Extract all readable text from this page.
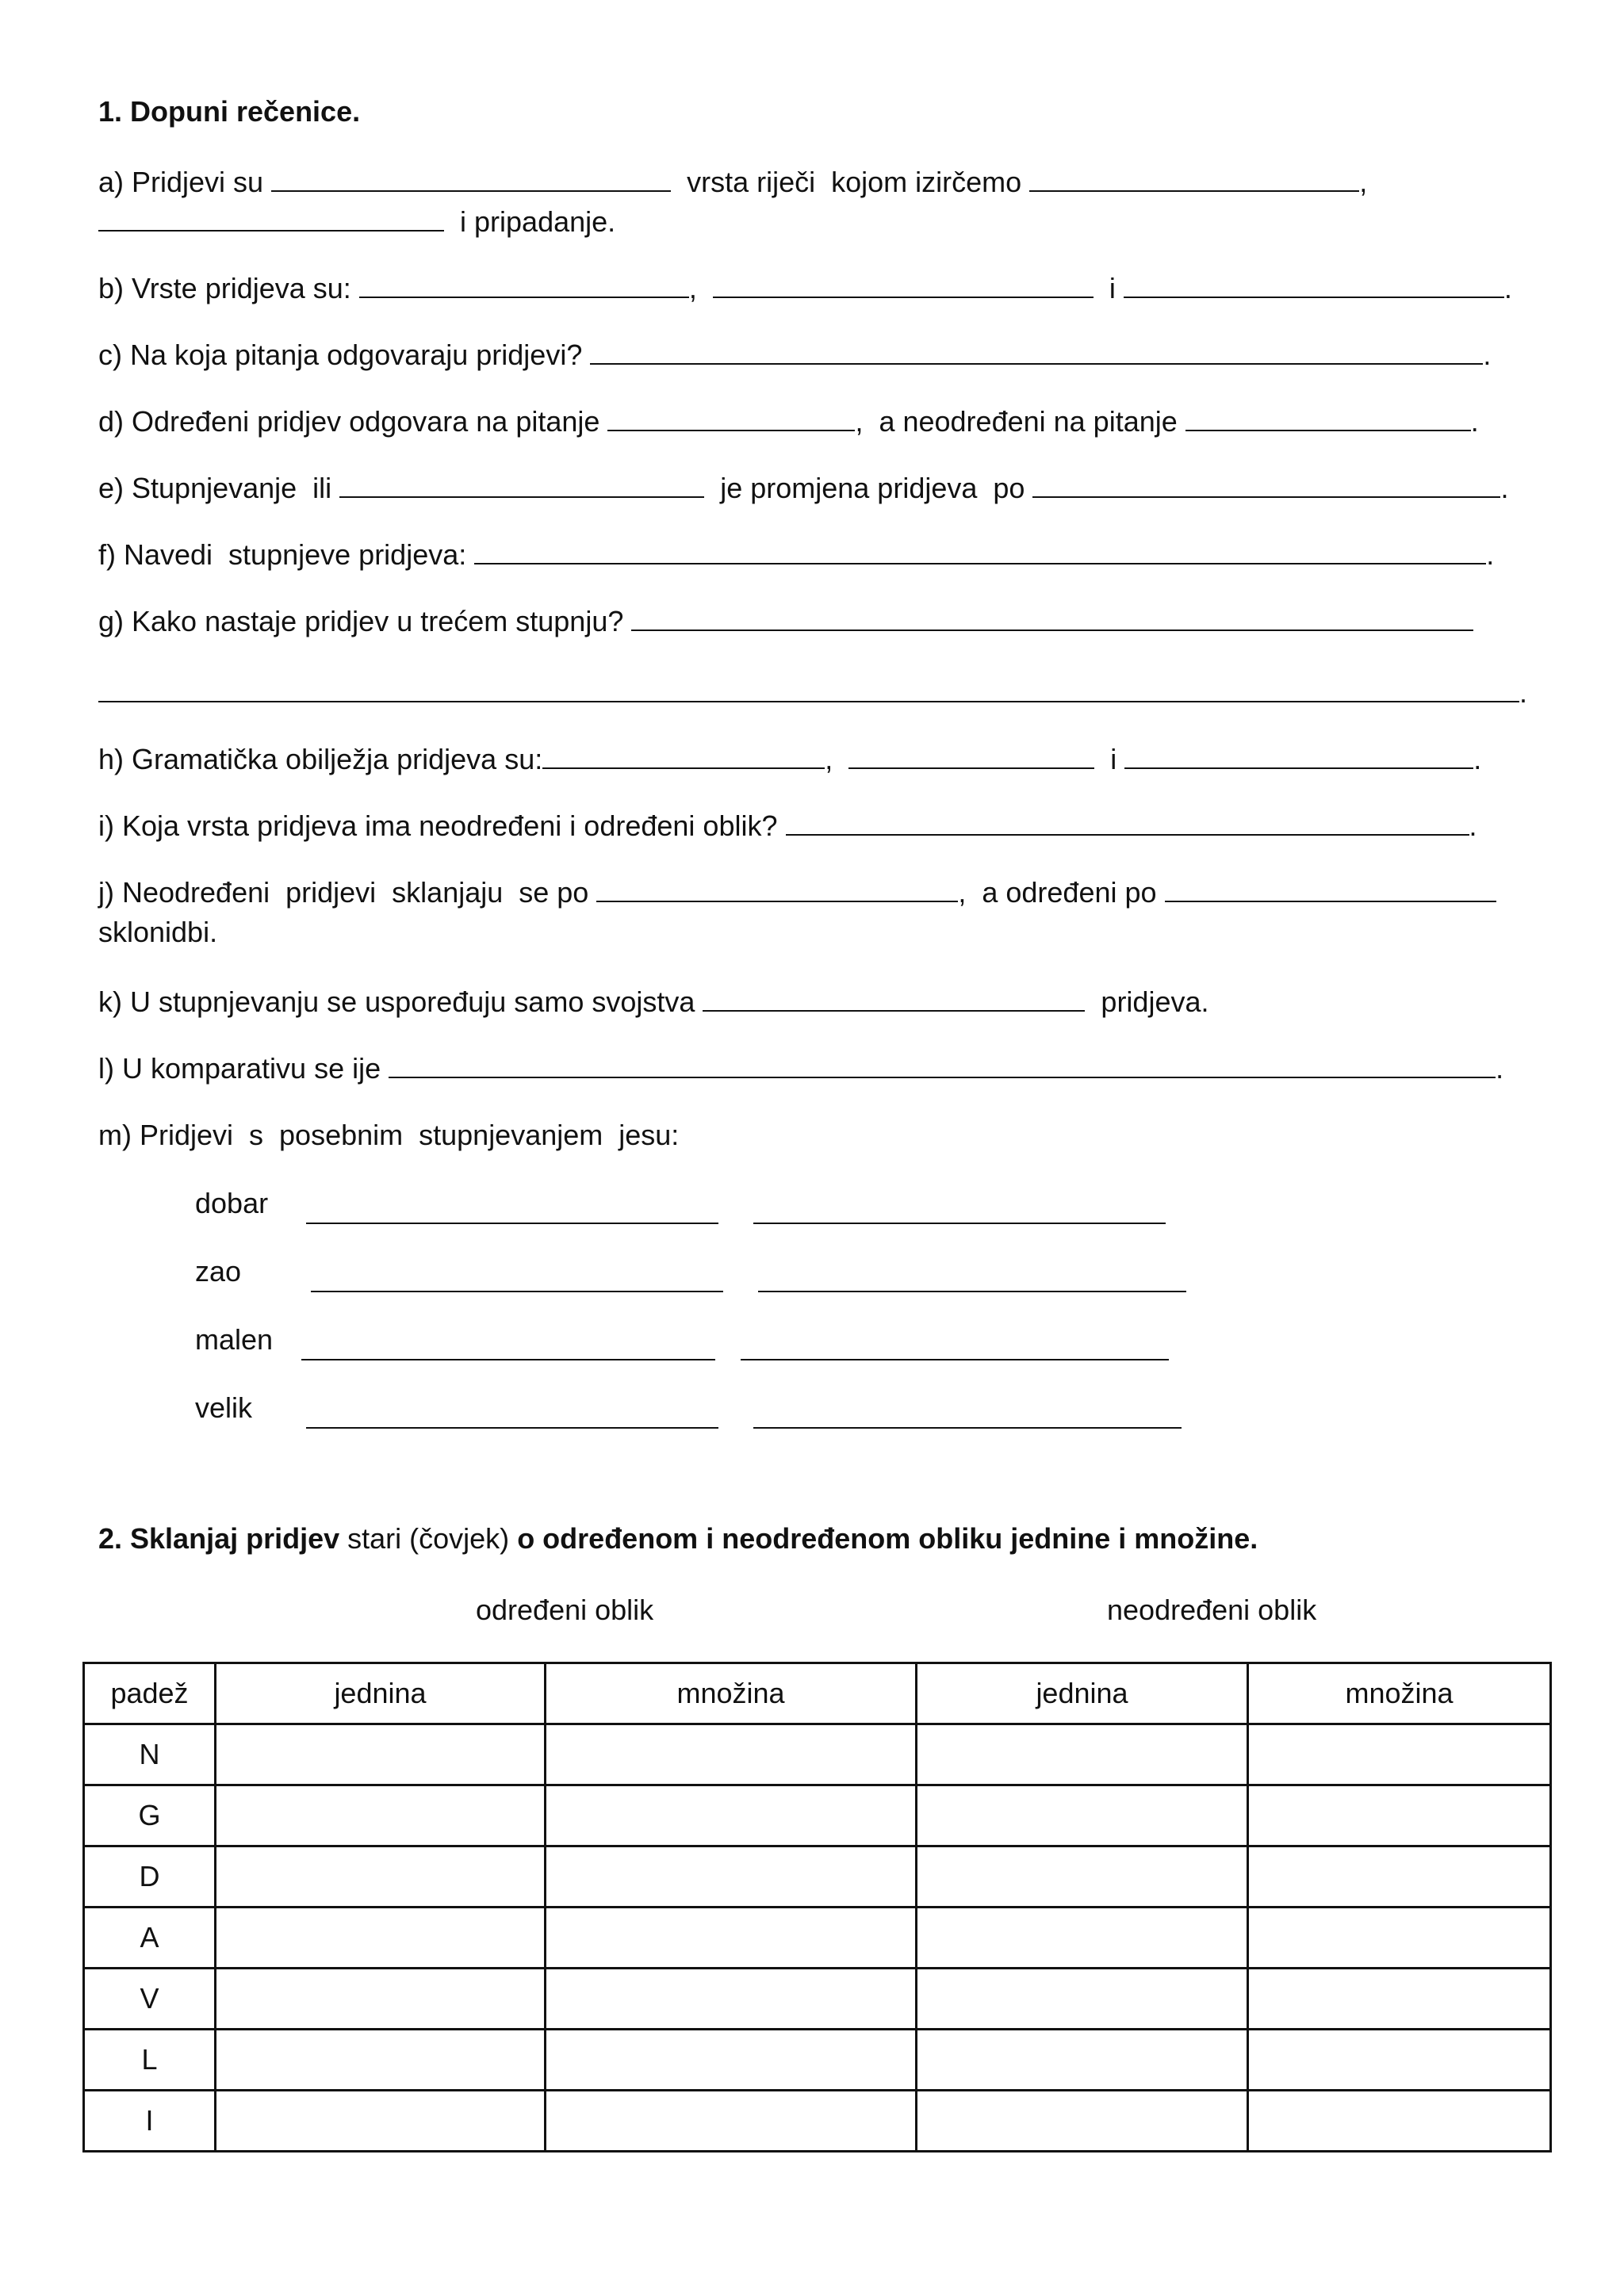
1. Dopuni rečenice.
a) Pridjevi su	vrsta riječi  kojom izirčemo	,
i pripadanje.
b) Vrste pridjeva su:	,	i	.
c) Na koja pitanja odgovaraju pridjevi?	.
d) Određeni pridjev odgovara na pitanje	,  a neodređeni na pitanje	.
e) Stupnjevanje  ili	je promjena pridjeva  po	.
f) Navedi  stupnjeve pridjeva:	.
g) Kako nastaje pridjev u trećem stupnju?
.
h) Gramatička obilježja pridjeva su:	,	i	.
i) Koja vrsta pridjeva ima neodređeni i određeni oblik?	.
j) Neodređeni  pridjevi  sklanjaju  se po	,  a određeni po
sklonidbi.
k) U stupnjevanju se uspoređuju samo svojstva	pridjeva.
l) U komparativu se ije	.
m) Pridjevi  s  posebnim  stupnjevanjem  jesu:
dobar
zao
malen
velik
2. Sklanjaj pridjev stari (čovjek) o određenom i neodređenom obliku jednine i množine.
određeni oblik	neodređeni oblik
padež	jednina	množina	jednina	množina
N				
G				
D				
A				
V				
L				
I				
